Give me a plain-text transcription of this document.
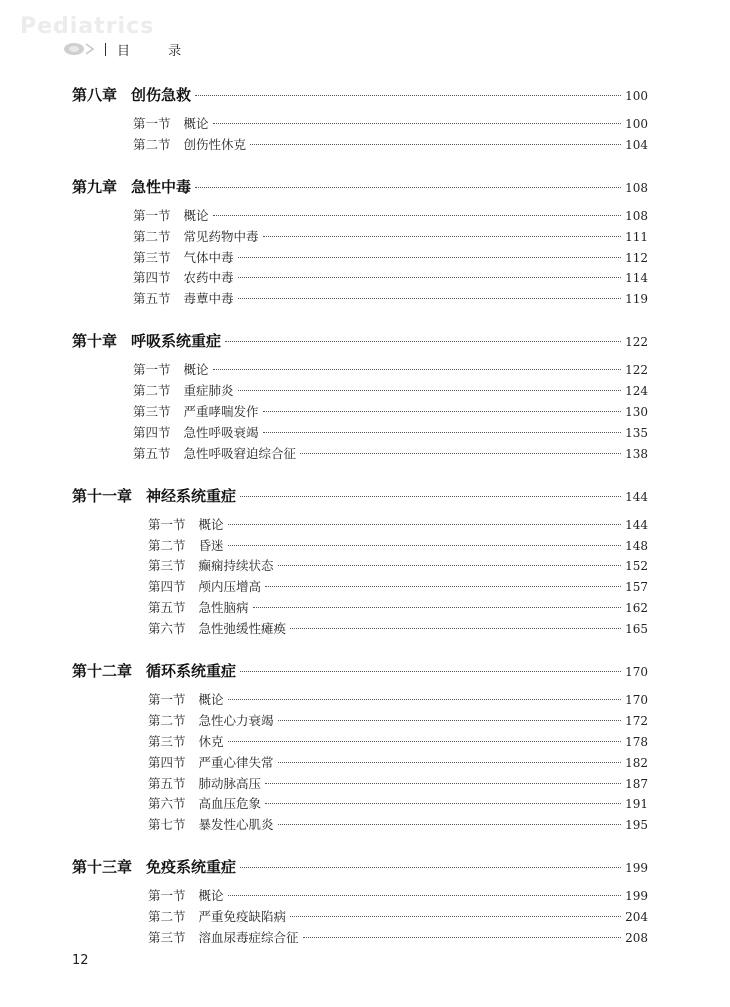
Pediatrics
目 录
第八章 创伤急救	100
第一节 概论	100
第二节 创伤性休克	104
第九章 急性中毒	108
第一节 概论	108
第二节 常见药物中毒	111
第三节 气体中毒	112
第四节 农药中毒	114
第五节 毒蕈中毒	119
第十章 呼吸系统重症	122
第一节 概论	122
第二节 重症肺炎	124
第三节 严重哮喘发作	130
第四节 急性呼吸衰竭	135
第五节 急性呼吸窘迫综合征	138
第十一章 神经系统重症	144
第一节 概论	144
第二节 昏迷	148
第三节 癫痫持续状态	152
第四节 颅内压增高	157
第五节 急性脑病	162
第六节 急性弛缓性瘫痪	165
第十二章 循环系统重症	170
第一节 概论	170
第二节 急性心力衰竭	172
第三节 休克	178
第四节 严重心律失常	182
第五节 肺动脉高压	187
第六节 高血压危象	191
第七节 暴发性心肌炎	195
第十三章 免疫系统重症	199
第一节 概论	199
第二节 严重免疫缺陷病	204
第三节 溶血尿毒症综合征	208
12
